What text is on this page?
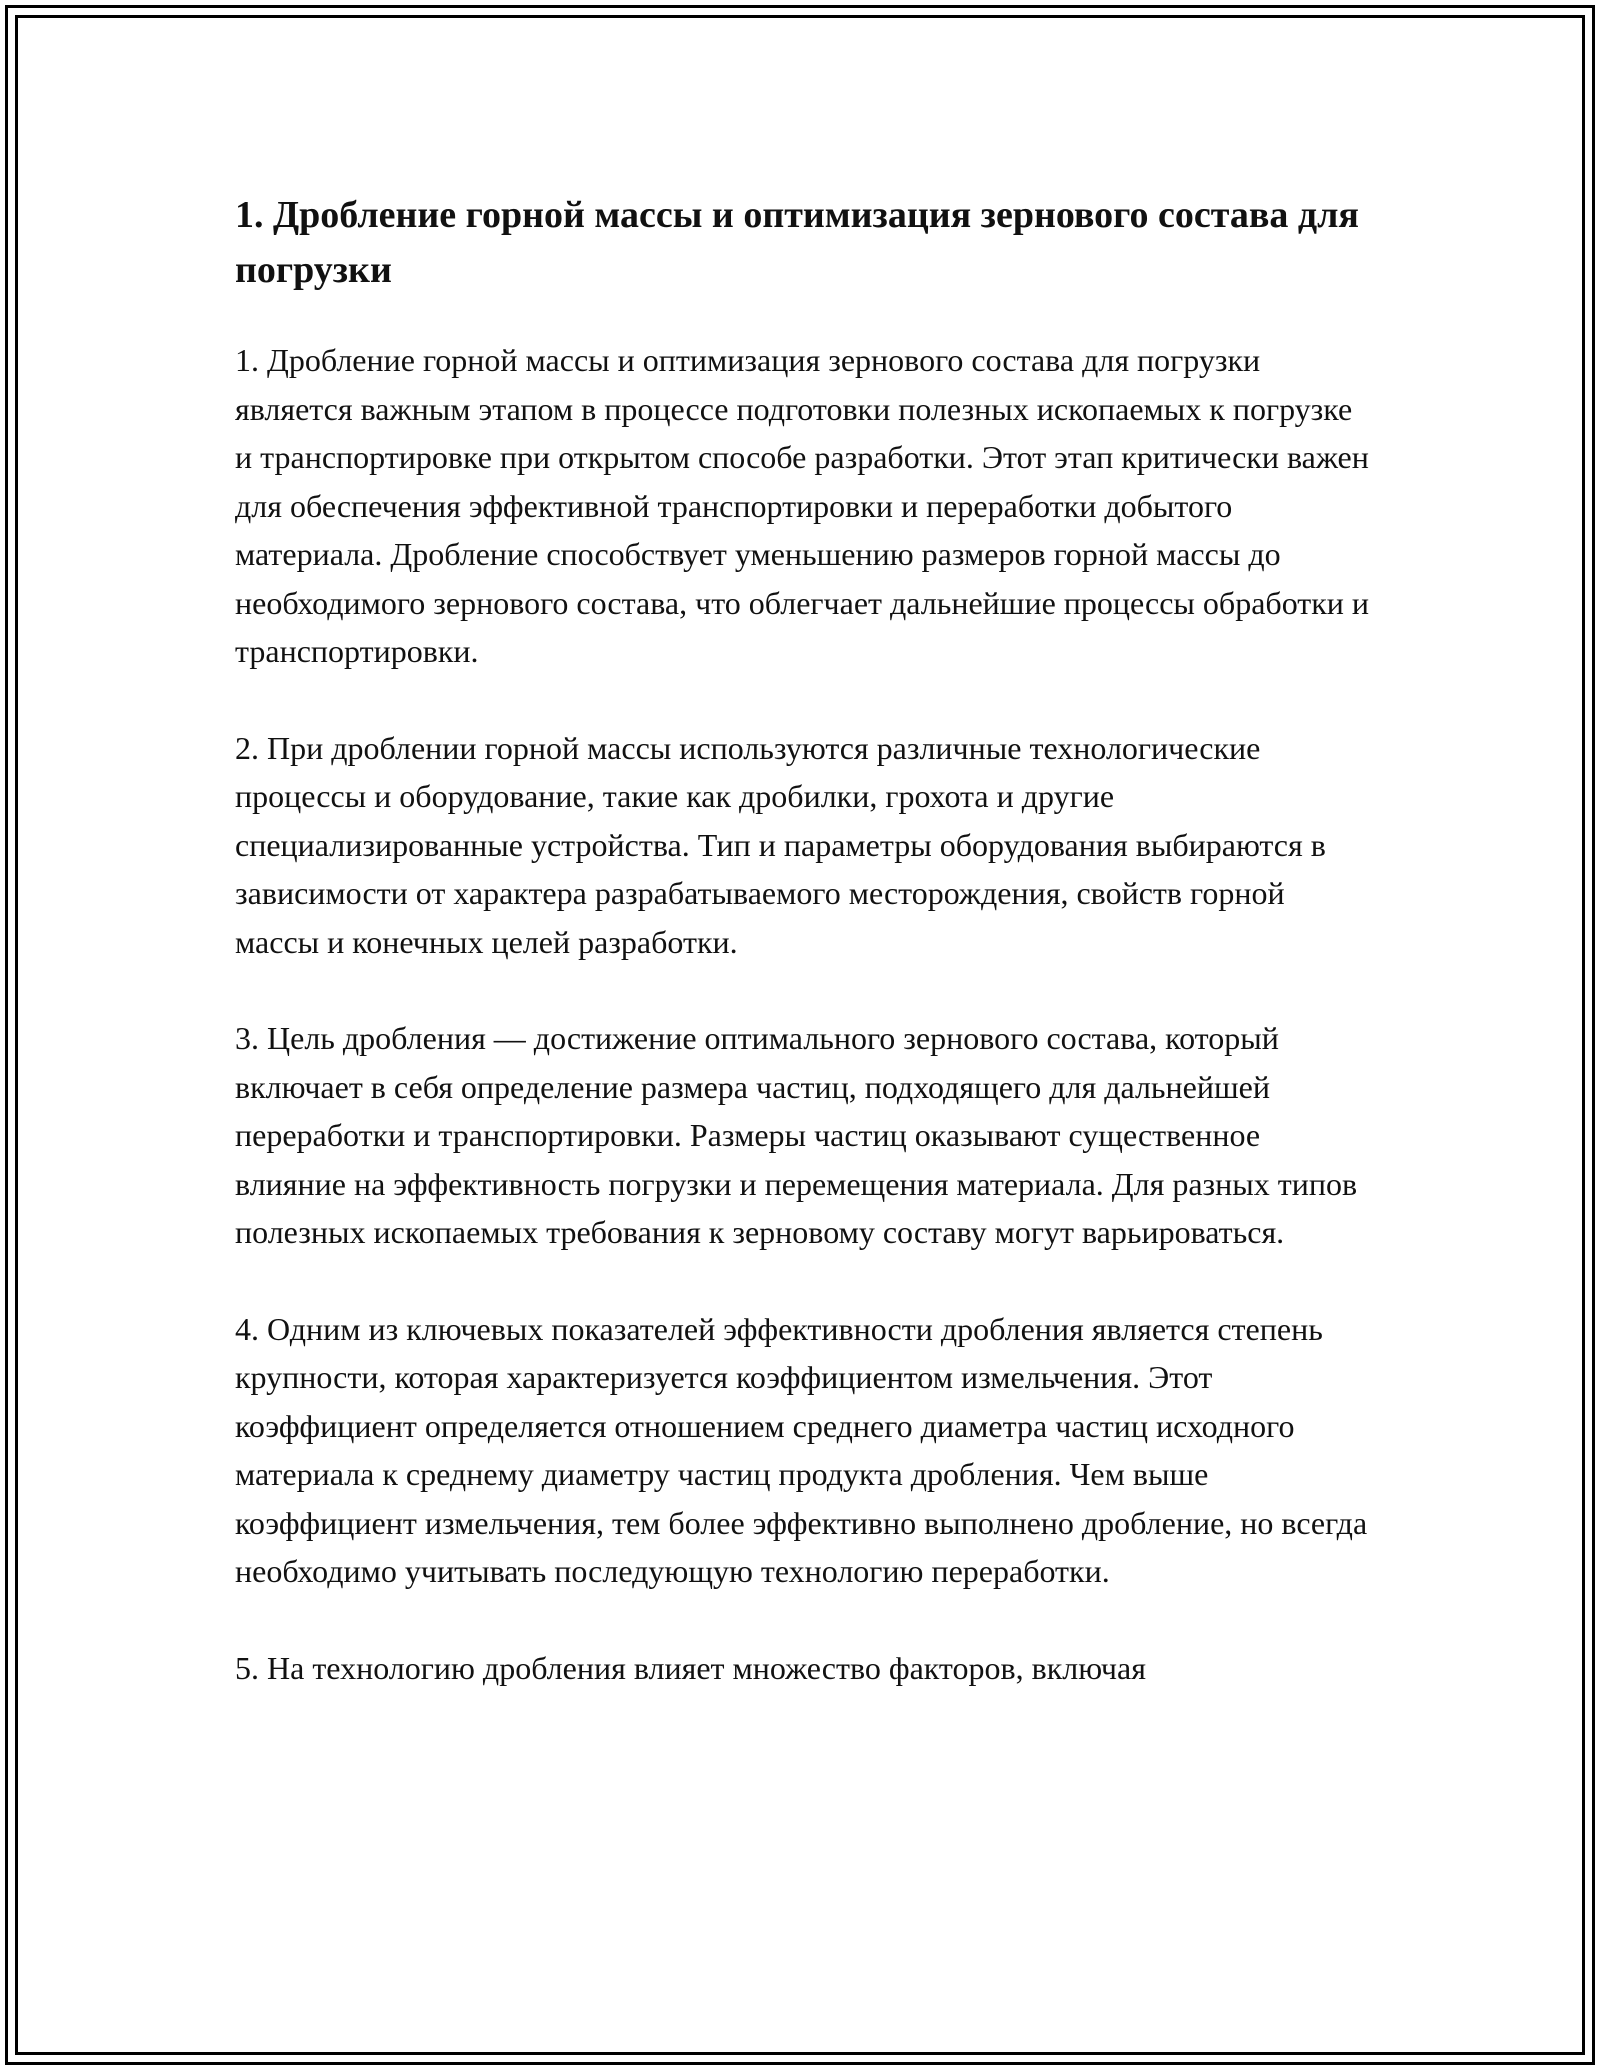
1. Дробление горной массы и оптимизация зернового состава для погрузки

1. Дробление горной массы и оптимизация зернового состава для погрузки является важным этапом в процессе подготовки полезных ископаемых к погрузке и транспортировке при открытом способе разработки. Этот этап критически важен для обеспечения эффективной транспортировки и переработки добытого материала. Дробление способствует уменьшению размеров горной массы до необходимого зернового состава, что облегчает дальнейшие процессы обработки и транспортировки.

2. При дроблении горной массы используются различные технологические процессы и оборудование, такие как дробилки, грохота и другие специализированные устройства. Тип и параметры оборудования выбираются в зависимости от характера разрабатываемого месторождения, свойств горной массы и конечных целей разработки.

3. Цель дробления — достижение оптимального зернового состава, который включает в себя определение размера частиц, подходящего для дальнейшей переработки и транспортировки. Размеры частиц оказывают существенное влияние на эффективность погрузки и перемещения материала. Для разных типов полезных ископаемых требования к зерновому составу могут варьироваться.

4. Одним из ключевых показателей эффективности дробления является степень крупности, которая характеризуется коэффициентом измельчения. Этот коэффициент определяется отношением среднего диаметра частиц исходного материала к среднему диаметру частиц продукта дробления. Чем выше коэффициент измельчения, тем более эффективно выполнено дробление, но всегда необходимо учитывать последующую технологию переработки.

5. На технологию дробления влияет множество факторов, включая
